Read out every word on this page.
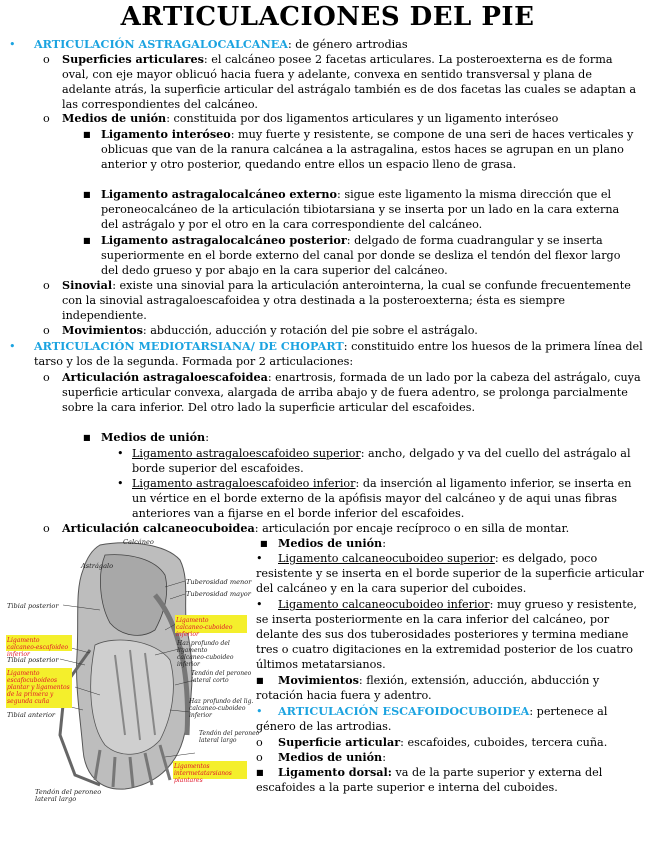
ARTICULACIONES DEL PIE
• ARTICULACIÓN ASTRAGALOCALCANEA: de género artrodias

o Superficies articulares: el calcáneo posee 2 facetas articulares. La posteroexterna es de forma oval, con eje mayor oblicuó hacia fuera y adelante, convexa en sentido transversal y plana de adelante atrás, la superficie articular del astrágalo también es de dos facetas las cuales se adaptan a las correspondientes del calcáneo.

o Medios de unión: constituida por dos ligamentos articulares y un ligamento interóseo

■ Ligamento interóseo: muy fuerte y resistente, se compone de una seri de haces verticales y oblicuas que van de la ranura calcánea a la astragalina, estos haces se agrupan en un plano anterior y otro posterior, quedando entre ellos un espacio lleno de grasa.

■ Ligamento astragalocalcáneo externo: sigue este ligamento la misma dirección que el peroneocalcáneo de la articulación tibiotarsiana y se inserta por un lado en la cara externa del astrágalo y por el otro en la cara correspondiente del calcáneo.

■ Ligamento astragalocalcáneo posterior: delgado de forma cuadrangular y se inserta superiormente en el borde externo del canal por donde se desliza el tendón del flexor largo del dedo grueso y por abajo en la cara superior del calcáneo.

o Sinovial: existe una sinovial para la articulación anterointerna, la cual se confunde frecuentemente con la sinovial astragaloescafoidea y otra destinada a la posteroexterna; ésta es siempre independiente.

o Movimientos: abducción, aducción y rotación del pie sobre el astrágalo.

• ARTICULACIÓN MEDIOTARSIANA/ DE CHOPART: constituido entre los huesos de la primera línea del tarso y los de la segunda. Formada por 2 articulaciones:

o Articulación astragaloescafoidea: enartrosis, formada de un lado por la cabeza del astrágalo, cuya superficie articular convexa, alargada de arriba abajo y de fuera adentro, se prolonga parcialmente sobre la cara inferior. Del otro lado la superficie articular del escafoides.

■ Medios de unión:

• Ligamento astragaloescafoideo superior: ancho, delgado y va del cuello del astrágalo al borde superior del escafoides.

• Ligamento astragaloescafoideo inferior: da inserción al ligamento inferior, se inserta en un vértice en el borde externo de la apófisis mayor del calcáneo y de aqui unas fibras anteriores van a fijarse en el borde inferior del escafoides.

o Articulación calcaneocuboidea: articulación por encaje recíproco o en silla de montar.

■ Medios de unión:

• Ligamento calcaneocuboideo superior: es delgado, poco resistente y se inserta en el borde superior de la superficie articular del calcáneo y en la cara superior del cuboides.

• Ligamento calcaneocuboideo inferior: muy grueso y resistente, se inserta posteriormente en la cara inferior del calcáneo, por delante des sus dos tuberosidades posteriores y termina mediane tres o cuatro digitaciones en la extremidad posterior de los cuatro últimos metatarsianos.

■ Movimientos: flexión, extensión, aducción, abducción y rotación hacia fuera y adentro.

• ARTICULACIÓN ESCAFOIDOCUBOIDEA: pertenece al género de las artrodias.

o Superficie articular: escafoides, cuboides, tercera cuña.

o Medios de unión:

■ Ligamento dorsal: va de la parte superior y externa del escafoides a la parte superior e interna del cuboides.

Calcáneo
Astrágalo
Tibial posterior
Tuberosidad menor
Tuberosidad mayor
Ligamento calcaneo-cuboideo inferior
Ligamento calcaneo-escafoideo inferior
Tibial posterior
Haz profundo del ligamento calcaneo-cuboideo inferior
Ligamento escafocuboideos plantar y ligamentos de la primera y segunda cuña
Tibial anterior
Tendón del peroneo lateral corto
Haz profundo del lig. calcaneo-cuboideo inferior
Tendón del peroneo lateral largo
Ligamentos intermetatarsianos plantares
Tendón del peroneo lateral largo
